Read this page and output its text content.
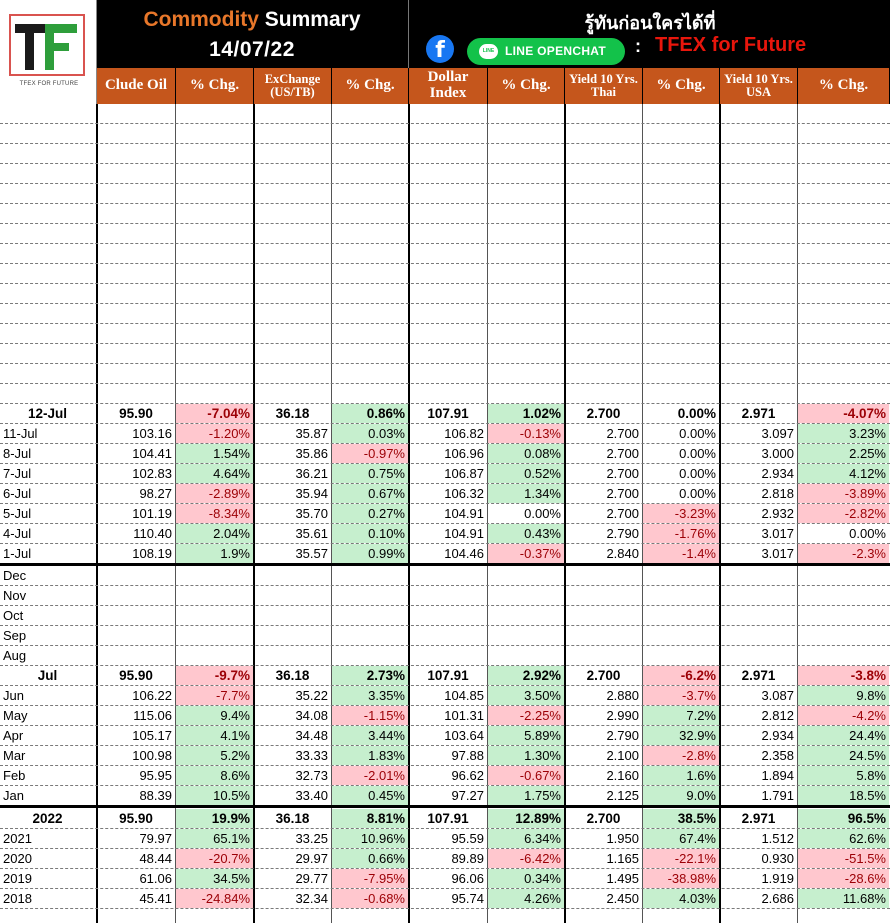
TFEX FOR FUTURE
Commodity Summary
14/07/22
รู้ทันก่อนใครได้ที่
f	LINE LINE OPENCHAT : TFEX for Future
Clude Oil	% Chg.	ExChange (US/TB)	% Chg.	Dollar Index	% Chg.	Yield 10 Yrs. Thai	% Chg.	Yield 10 Yrs. USA	% Chg.
12-Jul	95.90	-7.04%	36.18	0.86%	107.91	1.02%	2.700	0.00%	2.971	-4.07%
11-Jul	103.16	-1.20%	35.87	0.03%	106.82	-0.13%	2.700	0.00%	3.097	3.23%
8-Jul	104.41	1.54%	35.86	-0.97%	106.96	0.08%	2.700	0.00%	3.000	2.25%
7-Jul	102.83	4.64%	36.21	0.75%	106.87	0.52%	2.700	0.00%	2.934	4.12%
6-Jul	98.27	-2.89%	35.94	0.67%	106.32	1.34%	2.700	0.00%	2.818	-3.89%
5-Jul	101.19	-8.34%	35.70	0.27%	104.91	0.00%	2.700	-3.23%	2.932	-2.82%
4-Jul	110.40	2.04%	35.61	0.10%	104.91	0.43%	2.790	-1.76%	3.017	0.00%
1-Jul	108.19	1.9%	35.57	0.99%	104.46	-0.37%	2.840	-1.4%	3.017	-2.3%
Dec
Nov
Oct
Sep
Aug
Jul	95.90	-9.7%	36.18	2.73%	107.91	2.92%	2.700	-6.2%	2.971	-3.8%
Jun	106.22	-7.7%	35.22	3.35%	104.85	3.50%	2.880	-3.7%	3.087	9.8%
May	115.06	9.4%	34.08	-1.15%	101.31	-2.25%	2.990	7.2%	2.812	-4.2%
Apr	105.17	4.1%	34.48	3.44%	103.64	5.89%	2.790	32.9%	2.934	24.4%
Mar	100.98	5.2%	33.33	1.83%	97.88	1.30%	2.100	-2.8%	2.358	24.5%
Feb	95.95	8.6%	32.73	-2.01%	96.62	-0.67%	2.160	1.6%	1.894	5.8%
Jan	88.39	10.5%	33.40	0.45%	97.27	1.75%	2.125	9.0%	1.791	18.5%
2022	95.90	19.9%	36.18	8.81%	107.91	12.89%	2.700	38.5%	2.971	96.5%
2021	79.97	65.1%	33.25	10.96%	95.59	6.34%	1.950	67.4%	1.512	62.6%
2020	48.44	-20.7%	29.97	0.66%	89.89	-6.42%	1.165	-22.1%	0.930	-51.5%
2019	61.06	34.5%	29.77	-7.95%	96.06	0.34%	1.495	-38.98%	1.919	-28.6%
2018	45.41	-24.84%	32.34	-0.68%	95.74	4.26%	2.450	4.03%	2.686	11.68%
